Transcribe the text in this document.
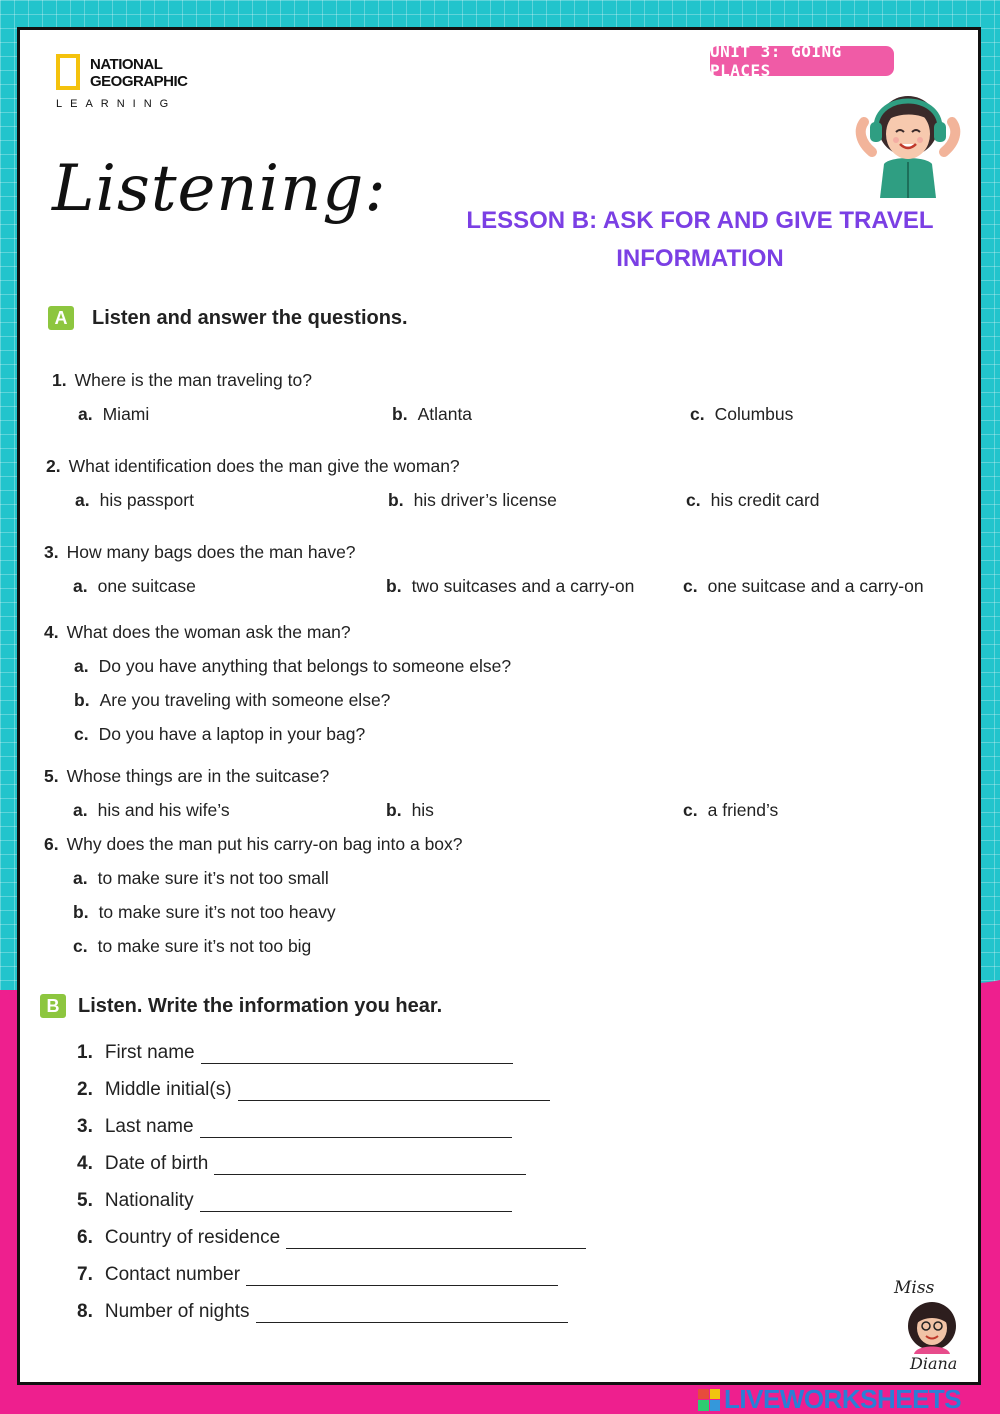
NATIONAL
GEOGRAPHIC
LEARNING
UNIT 3: GOING PLACES
Listening:	LESSON B: ASK FOR AND GIVE TRAVEL
INFORMATION
A	Listen and answer the questions.
1. Where is the man traveling to?
a. Miami	b. Atlanta	c. Columbus
2. What identification does the man give the woman?
a. his passport	b. his driver’s license	c. his credit card
3. How many bags does the man have?
a. one suitcase	b. two suitcases and a carry-on	c. one suitcase and a carry-on
4. What does the woman ask the man?
a. Do you have anything that belongs to someone else?
b. Are you traveling with someone else?
c. Do you have a laptop in your bag?
5. Whose things are in the suitcase?
a. his and his wife’s	b. his	c. a friend’s
6. Why does the man put his carry-on bag into a box?
a. to make sure it’s not too small
b. to make sure it’s not too heavy
c. to make sure it’s not too big
B Listen. Write the information you hear.
1. First name
2. Middle initial(s)
3. Last name
4. Date of birth
5. Nationality
6. Country of residence
7. Contact number
8. Number of nights
Miss
Diana
LIVEWORKSHEETS
